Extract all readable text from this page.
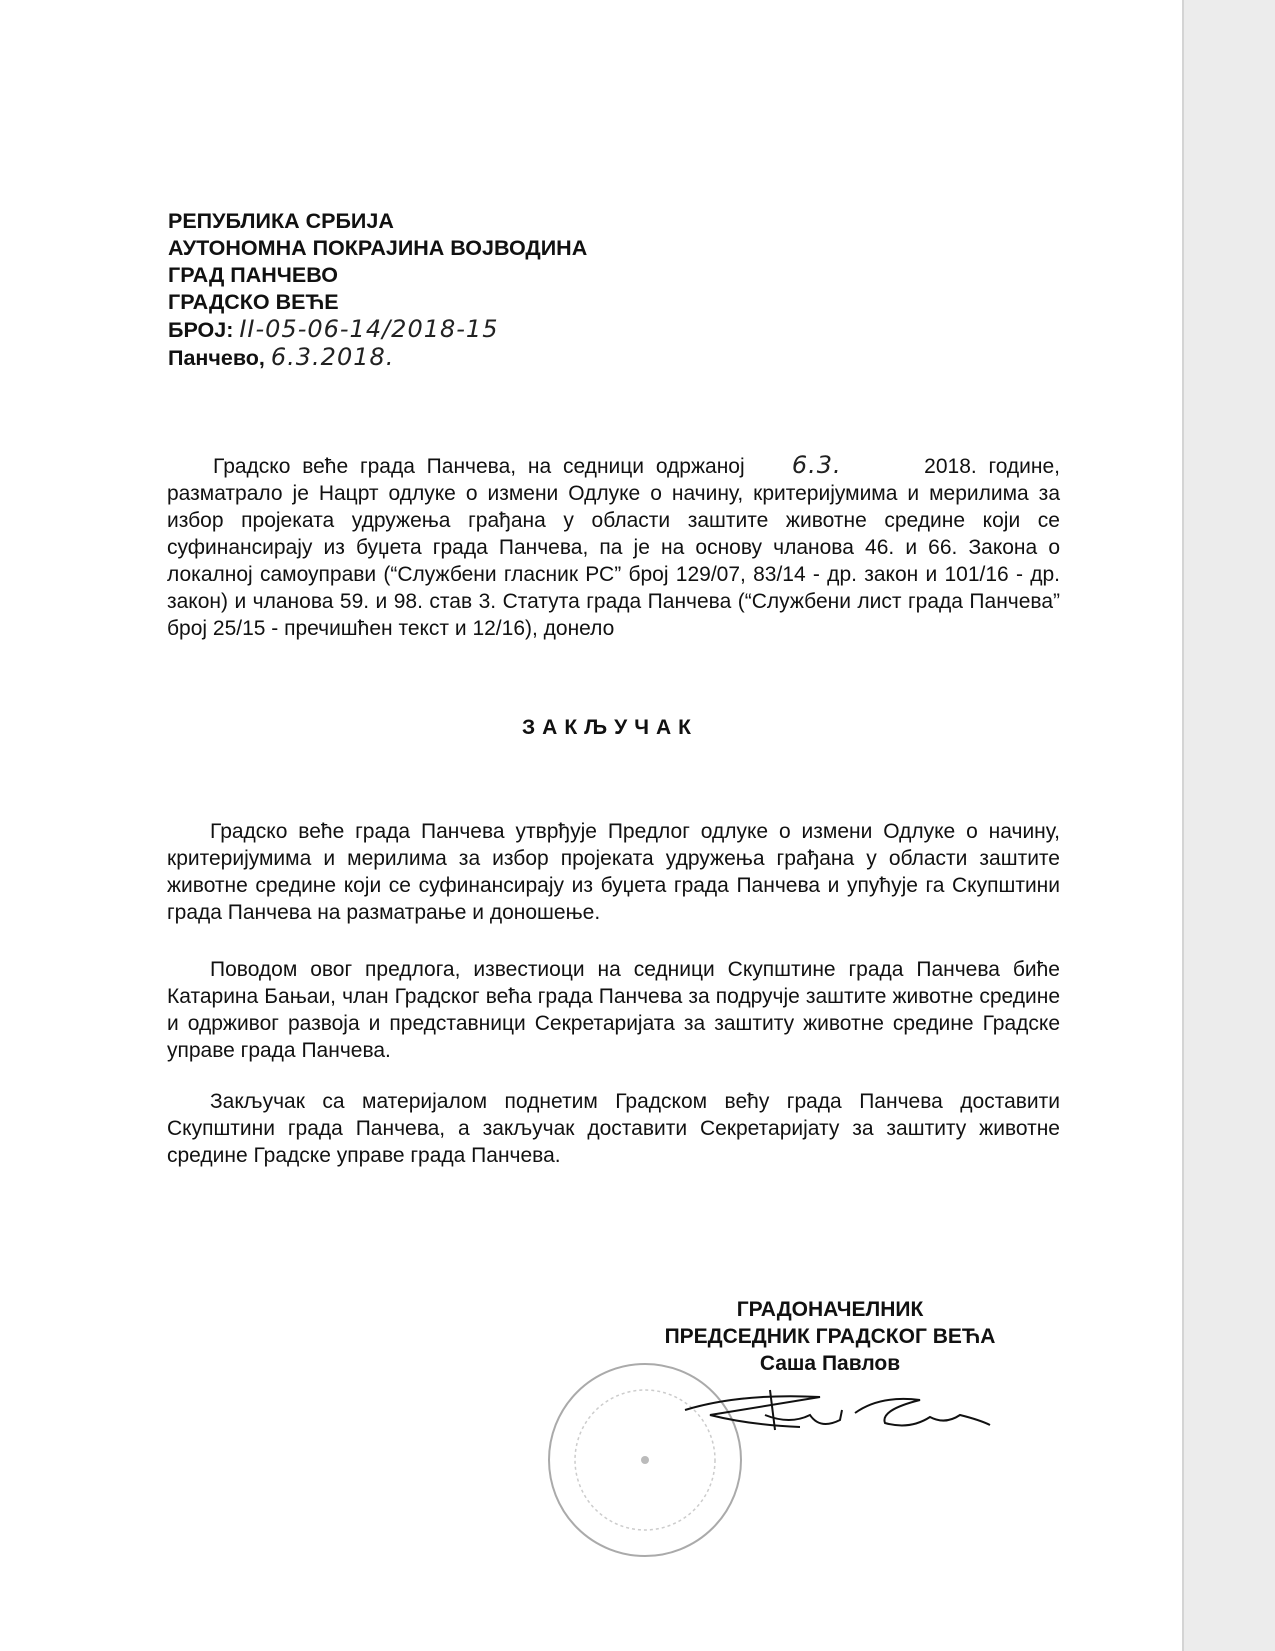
РЕПУБЛИКА СРБИЈА
АУТОНОМНА ПОКРАЈИНА ВОЈВОДИНА
ГРАД ПАНЧЕВО
ГРАДСКО ВЕЋЕ
БРОЈ: II-05-06-14/2018-15
Панчево, 6.3.2018.

Градско веће града Панчева, на седници одржаној 6.3.	2018. године, разматрало је Нацрт одлуке о измени Одлуке о начину, критеријумима и мерилима за избор пројеката удружења грађана у области заштите животне средине који се суфинансирају из буџета града Панчева, па је на основу чланова 46. и 66. Закона о локалној самоуправи (“Службени гласник РС” број 129/07, 83/14 - др. закон и 101/16 - др. закон) и чланова 59. и 98. став 3. Статута града Панчева (“Службени лист града Панчева” број 25/15 - пречишћен текст и 12/16), донело

ЗАКЉУЧАК

Градско веће града Панчева утврђује Предлог одлуке о измени Одлуке о начину, критеријумима и мерилима за избор пројеката удружења грађана у области заштите животне средине који се суфинансирају из буџета града Панчева и упућује га Скупштини града Панчева на разматрање и доношење.

Поводом овог предлога, известиоци на седници Скупштине града Панчева биће Катарина Бањаи, члан Градског већа града Панчева за подручје заштите животне средине и одрживог развоја и представници Секретаријата за заштиту животне средине Градске управе града Панчева.

Закључак са материјалом поднетим Градском већу града Панчева доставити Скупштини града Панчева, а закључак доставити Секретаријату за заштиту животне средине Градске управе града Панчева.

ГРАДОНАЧЕЛНИК
ПРЕДСЕДНИК ГРАДСКОГ ВЕЋА
Саша Павлов
